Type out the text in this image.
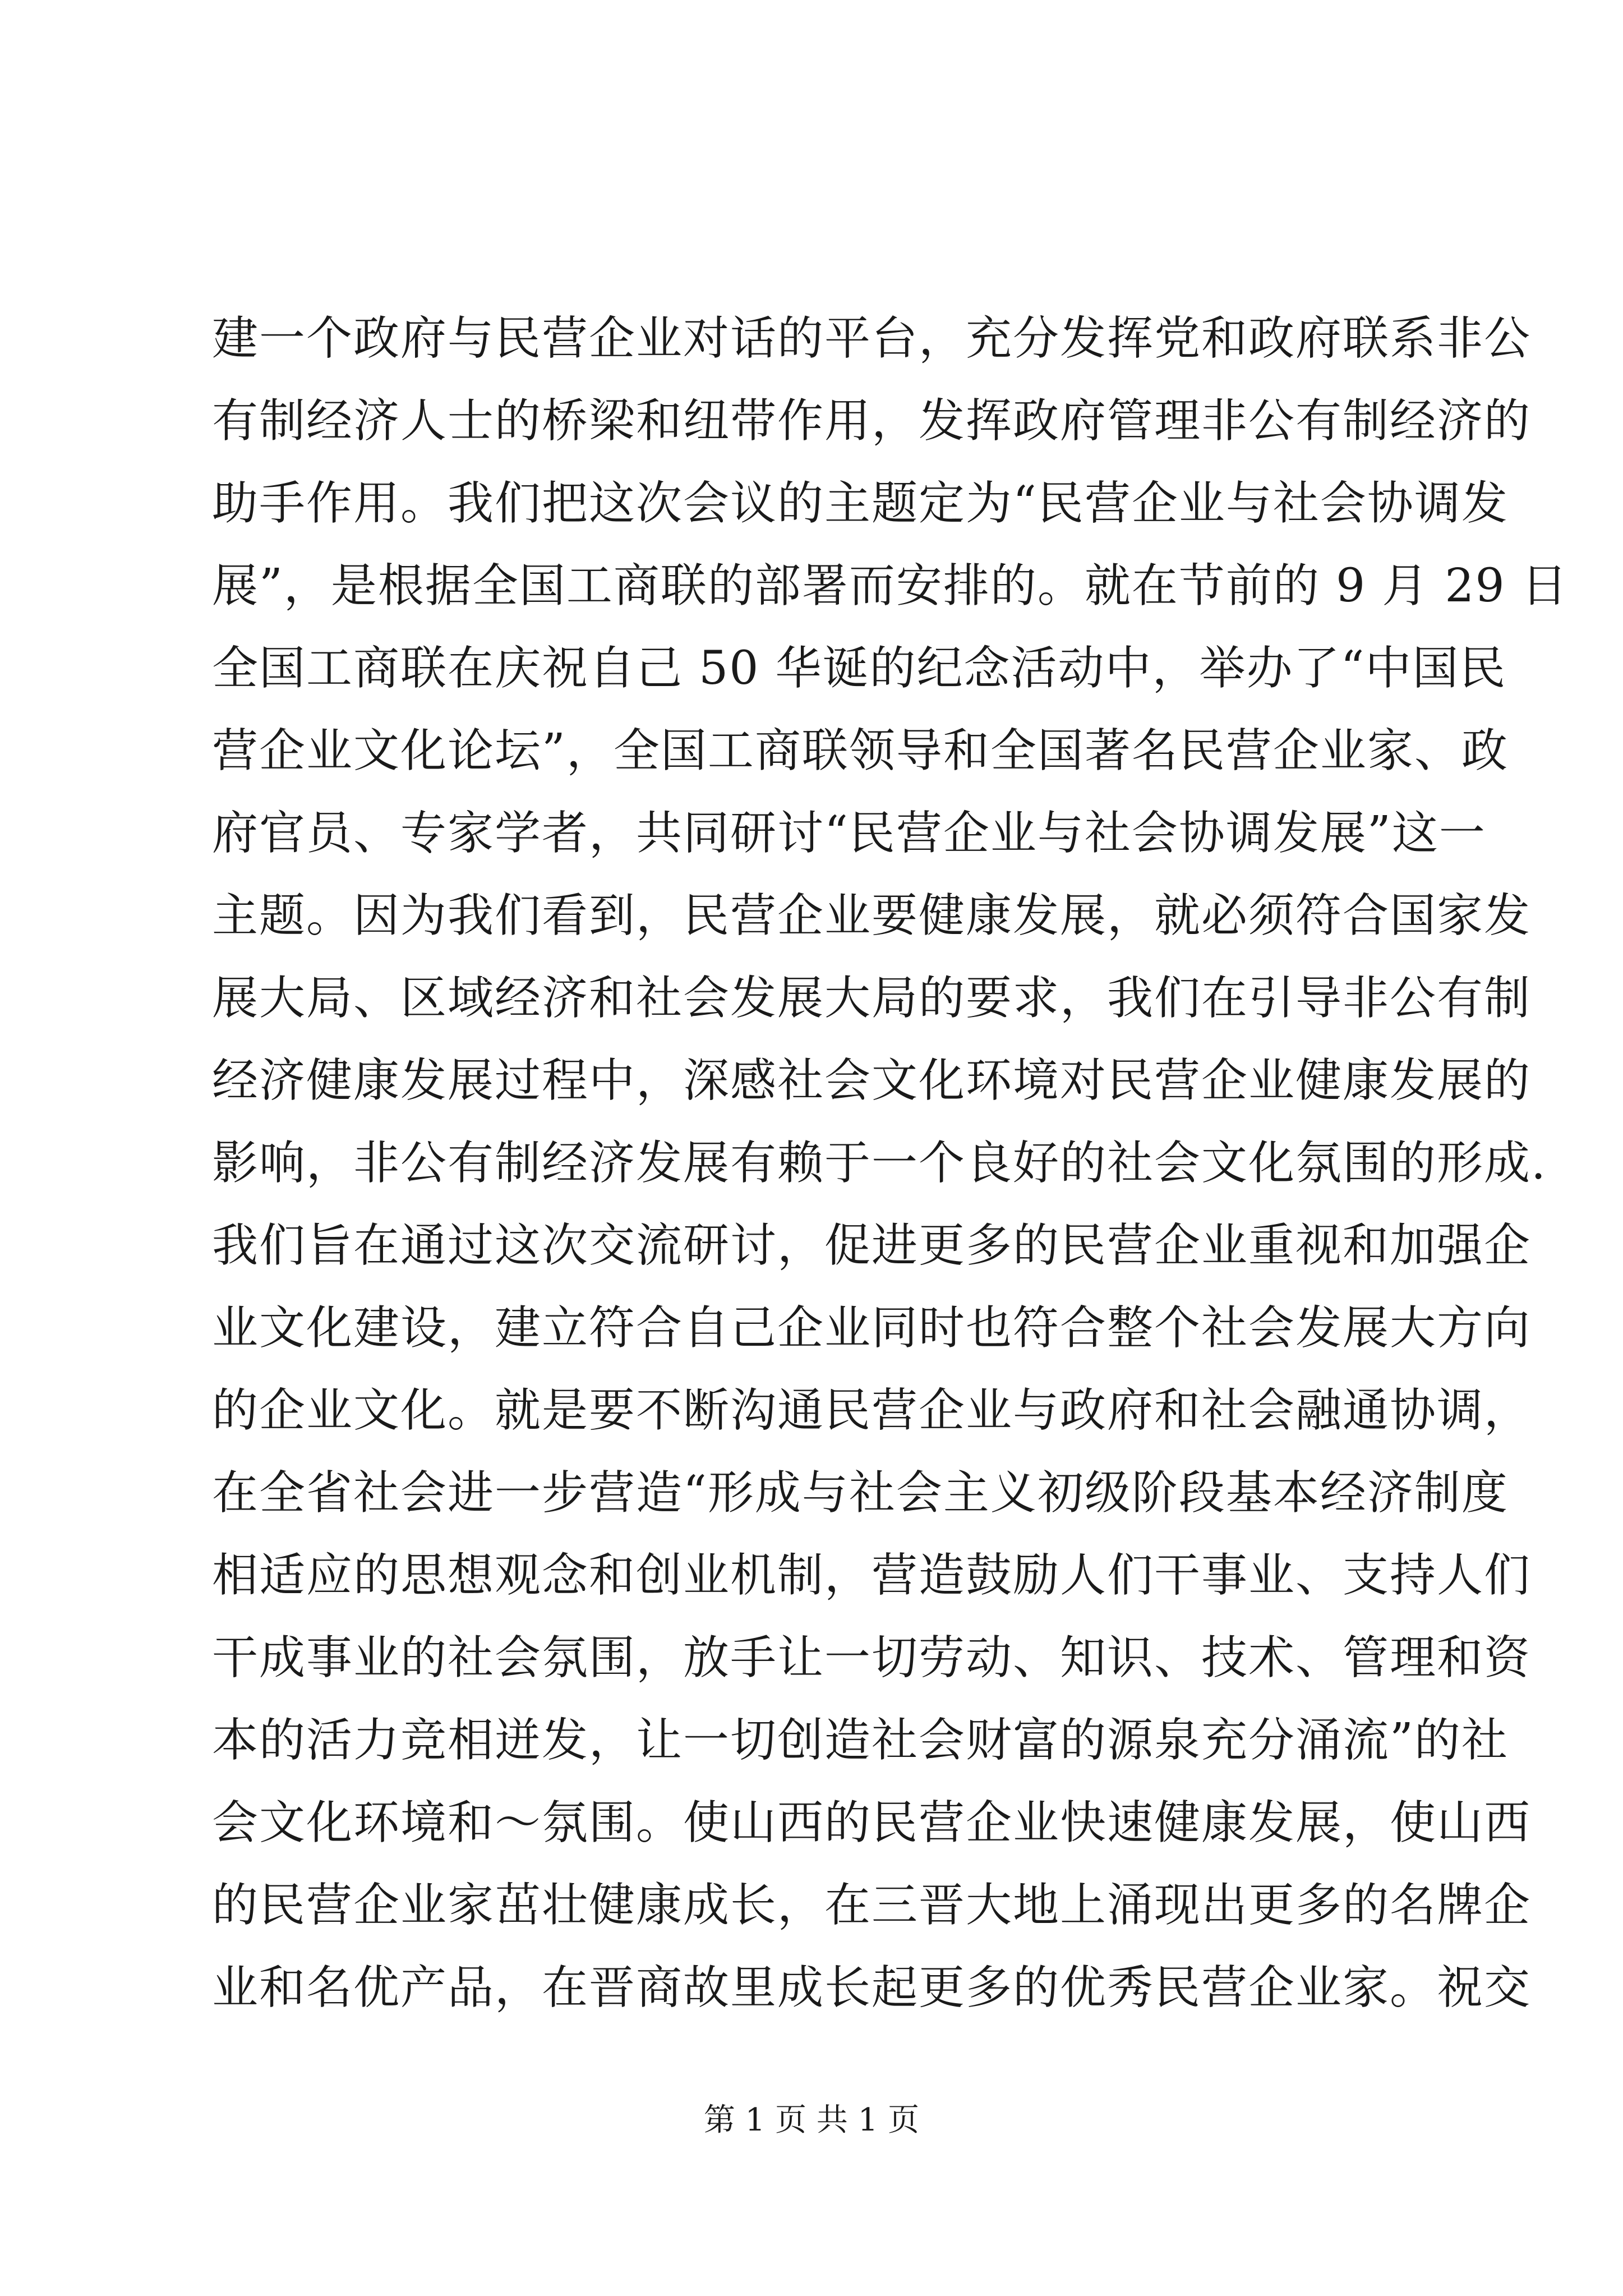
建一个政府与民营企业对话的平台，充分发挥党和政府联系非公
有制经济人士的桥梁和纽带作用，发挥政府管理非公有制经济的
助手作用。我们把这次会议的主题定为“民营企业与社会协调发
展”，是根据全国工商联的部署而安排的。就在节前的 9 月 29 日
全国工商联在庆祝自己 50 华诞的纪念活动中，举办了“中国民
营企业文化论坛”，全国工商联领导和全国著名民营企业家、政
府官员、专家学者，共同研讨“民营企业与社会协调发展”这一
主题。因为我们看到，民营企业要健康发展，就必须符合国家发
展大局、区域经济和社会发展大局的要求，我们在引导非公有制
经济健康发展过程中，深感社会文化环境对民营企业健康发展的
影响，非公有制经济发展有赖于一个良好的社会文化氛围的形成.
我们旨在通过这次交流研讨，促进更多的民营企业重视和加强企
业文化建设，建立符合自己企业同时也符合整个社会发展大方向
的企业文化。就是要不断沟通民营企业与政府和社会融通协调，
在全省社会进一步营造“形成与社会主义初级阶段基本经济制度
相适应的思想观念和创业机制，营造鼓励人们干事业、支持人们
干成事业的社会氛围，放手让一切劳动、知识、技术、管理和资
本的活力竞相迸发，让一切创造社会财富的源泉充分涌流”的社
会文化环境和～氛围。使山西的民营企业快速健康发展，使山西
的民营企业家茁壮健康成长，在三晋大地上涌现出更多的名牌企
业和名优产品，在晋商故里成长起更多的优秀民营企业家。祝交
第 1 页 共 1 页
